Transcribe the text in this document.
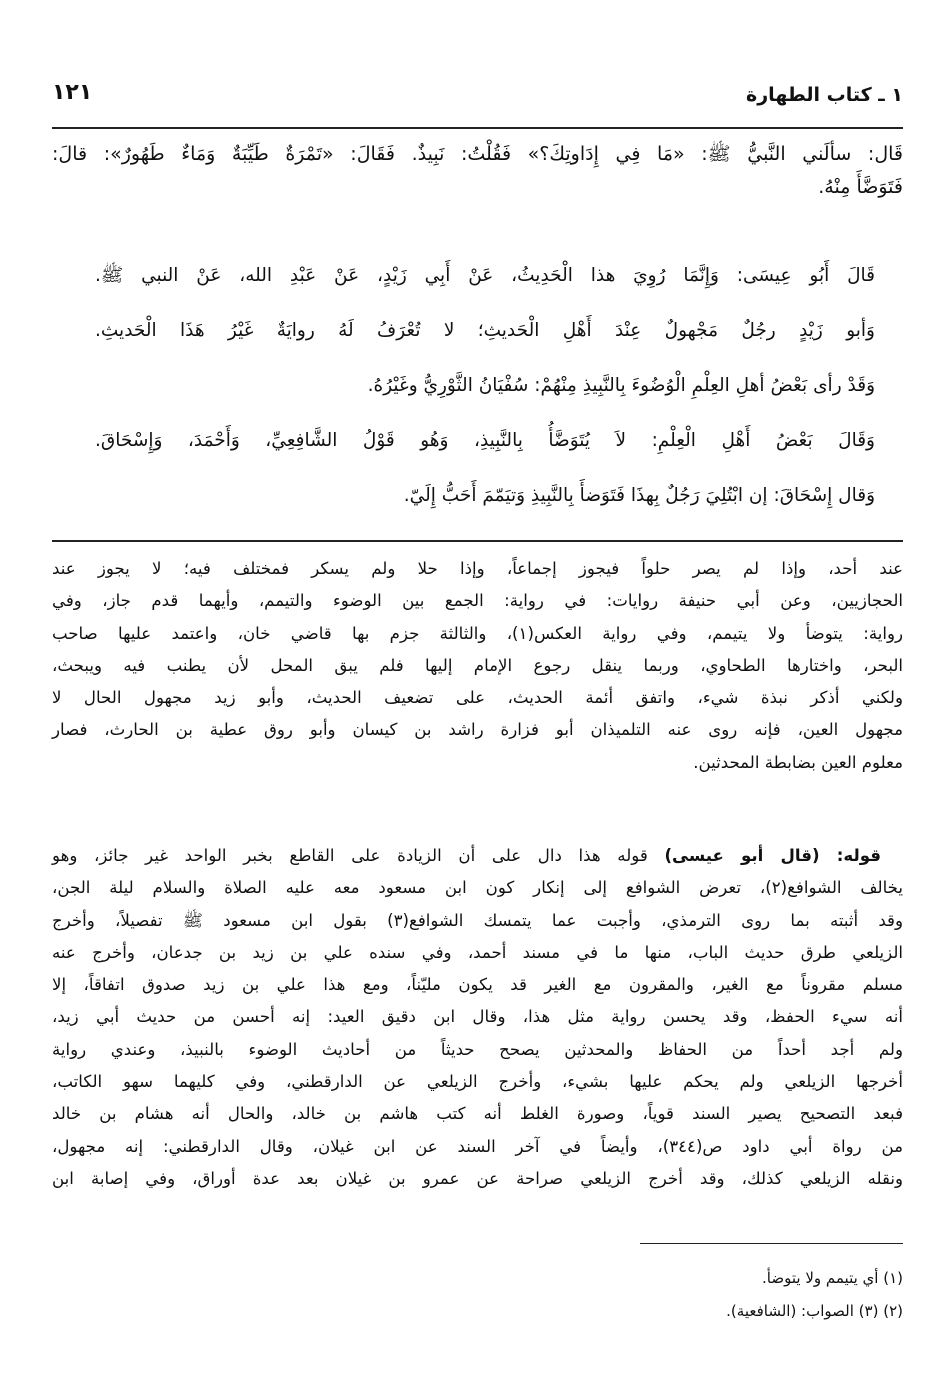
١ ـ كتاب الطهارة
١٢١
قَال: سألَني النَّبيُّ ﷺ: «مَا فِي إِدَاوتِكَ؟» فَقُلْتُ: نَبِيذٌ. فَقَالَ: «تَمْرَةٌ طَيِّبَةٌ وَمَاءٌ طَهُورٌ»: قالَ:
فَتَوَضَّأَ مِنْهُ.
قَالَ أَبُو عِيسَى: وَإِنَّمَا رُوِيَ هذا الْحَدِيثُ، عَنْ أَبِي زَيْدٍ، عَنْ عَبْدِ الله، عَنْ النبي ﷺ.
وَأبو زَيْدٍ رجُلٌ مَجْهولٌ عِنْدَ أَهْلِ الْحَديثِ؛ لا تُعْرَفُ لَهُ روايَةٌ غَيْرُ هَذَا الْحَديثِ.
وَقَدْ رأى بَعْضُ أهلِ العِلْمِ الْوُضُوءَ بِالنَّبِيذِ مِنْهُمْ: سُفْيَانُ الثَّوْرِيُّ وغَيْرُهُ.
وَقَالَ بَعْضُ أَهْلِ الْعِلْمِ: لاَ يُتَوَضَّأُ بِالنَّبِيذِ، وَهُو قَوْلُ الشَّافِعِيِّ، وَأَحْمَدَ، وَإِسْحَاقَ.
وَقال إِسْحَاقَ: إن ابْتُلِيَ رَجُلٌ بِهذَا فَتَوَضأَ بِالنَّبِيذِ وَتيَمّمَ أَحَبُّ إِلَيّ.
عند أحد، وإذا لم يصر حلواً فيجوز إجماعاً، وإذا حلا ولم يسكر فمختلف فيه؛ لا يجوز عند
الحجازيين، وعن أبي حنيفة روايات: في رواية: الجمع بين الوضوء والتيمم، وأيهما قدم جاز، وفي
رواية: يتوضأ ولا يتيمم، وفي رواية العكس(١)، والثالثة جزم بها قاضي خان، واعتمد عليها صاحب
البحر، واختارها الطحاوي، وربما ينقل رجوع الإمام إليها فلم يبق المحل لأن يطنب فيه ويبحث،
ولكني أذكر نبذة شيء، واتفق أئمة الحديث، على تضعيف الحديث، وأبو زيد مجهول الحال لا
مجهول العين، فإنه روى عنه التلميذان أبو فزارة راشد بن كيسان وأبو روق عطية بن الحارث، فصار
معلوم العين بضابطة المحدثين.
قوله: (قال أبو عيسى) قوله هذا دال على أن الزيادة على القاطع بخبر الواحد غير جائز، وهو
يخالف الشوافع(٢)، تعرض الشوافع إلى إنكار كون ابن مسعود معه عليه الصلاة والسلام ليلة الجن،
وقد أثبته بما روى الترمذي، وأجبت عما يتمسك الشوافع(٣) بقول ابن مسعود ﷺ تفصيلاً، وأخرج
الزيلعي طرق حديث الباب، منها ما في مسند أحمد، وفي سنده علي بن زيد بن جدعان، وأخرج عنه
مسلم مقروناً مع الغير، والمقرون مع الغير قد يكون مليّناً، ومع هذا علي بن زيد صدوق اتفاقاً، إلا
أنه سيء الحفظ، وقد يحسن رواية مثل هذا، وقال ابن دقيق العيد: إنه أحسن من حديث أبي زيد،
ولم أجد أحداً من الحفاظ والمحدثين يصحح حديثاً من أحاديث الوضوء بالنبيذ، وعندي رواية
أخرجها الزيلعي ولم يحكم عليها بشيء، وأخرج الزيلعي عن الدارقطني، وفي كليهما سهو الكاتب،
فبعد التصحيح يصير السند قوياً، وصورة الغلط أنه كتب هاشم بن خالد، والحال أنه هشام بن خالد
من رواة أبي داود ص(٣٤٤)، وأيضاً في آخر السند عن ابن غيلان، وقال الدارقطني: إنه مجهول،
ونقله الزيلعي كذلك، وقد أخرج الزيلعي صراحة عن عمرو بن غيلان بعد عدة أوراق، وفي إصابة ابن
(١) أي يتيمم ولا يتوضأ.
(٢) (٣) الصواب: (الشافعية).
